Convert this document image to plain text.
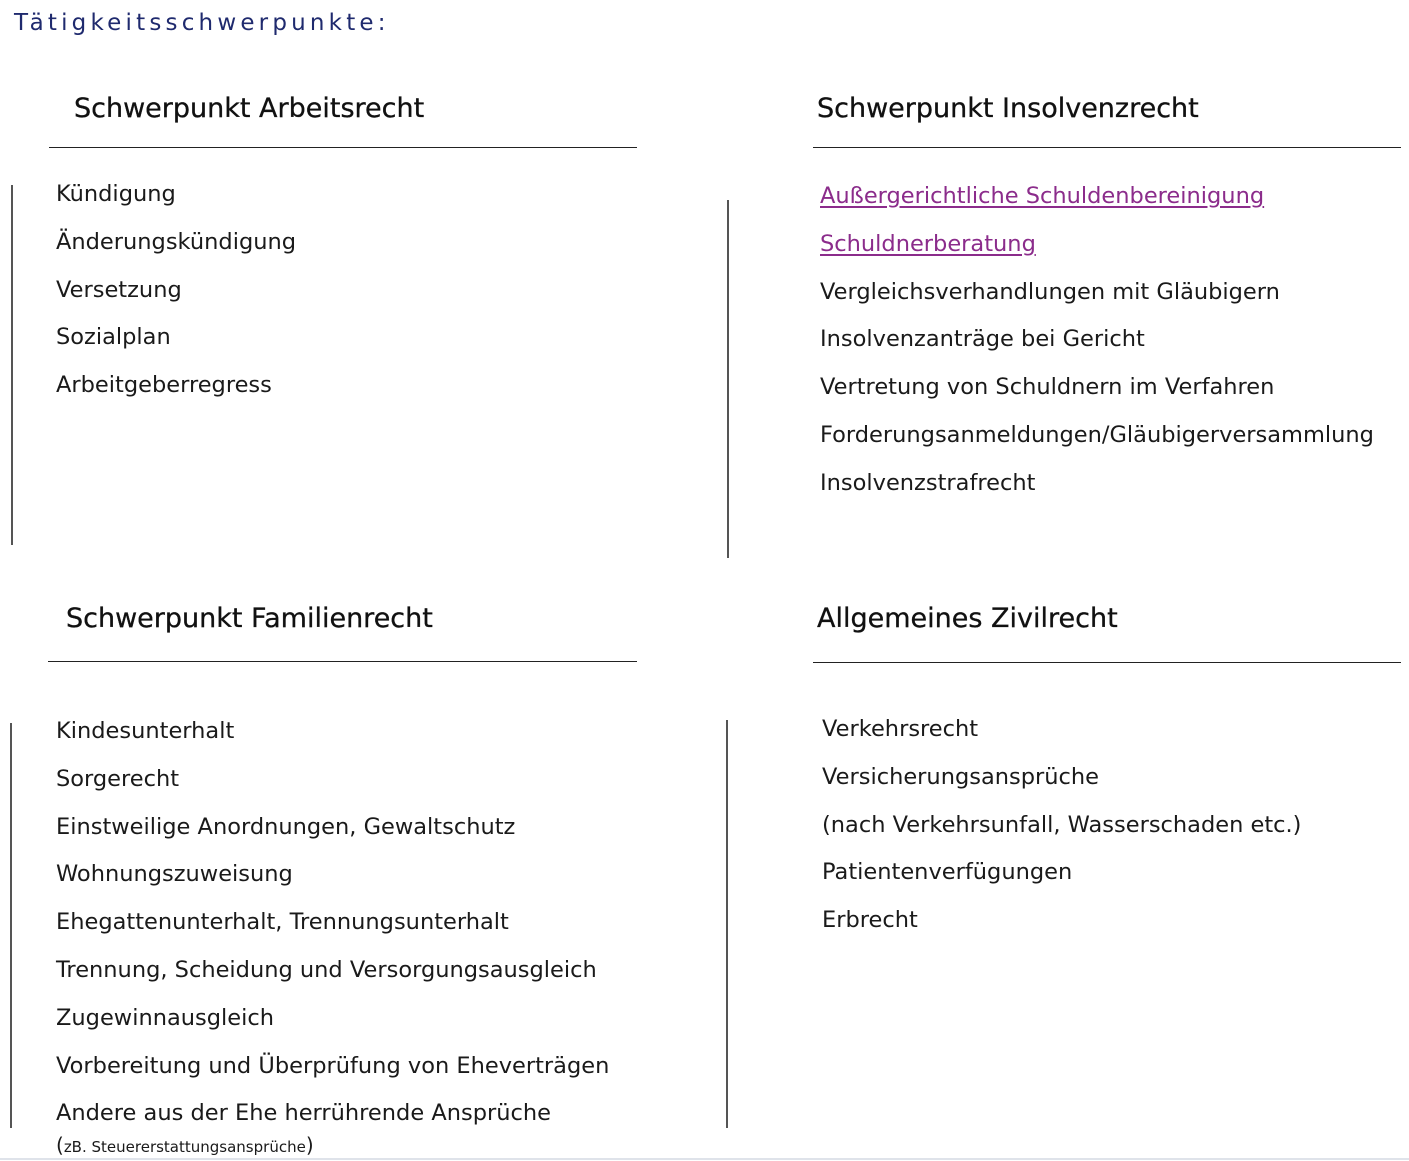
Tätigkeitsschwerpunkte:
Schwerpunkt Arbeitsrecht
Kündigung
Änderungskündigung
Versetzung
Sozialplan
Arbeitgeberregress
Schwerpunkt Insolvenzrecht
Außergerichtliche Schuldenbereinigung
Schuldnerberatung
Vergleichsverhandlungen mit Gläubigern
Insolvenzanträge bei Gericht
Vertretung von Schuldnern im Verfahren
Forderungsanmeldungen/Gläubigerversammlung
Insolvenzstrafrecht
Schwerpunkt Familienrecht
Kindesunterhalt
Sorgerecht
Einstweilige Anordnungen, Gewaltschutz
Wohnungszuweisung
Ehegattenunterhalt, Trennungsunterhalt
Trennung, Scheidung und Versorgungsausgleich
Zugewinnausgleich
Vorbereitung und Überprüfung von Eheverträgen
Andere aus der Ehe herrührende Ansprüche
(zB. Steuererstattungsansprüche)
Allgemeines Zivilrecht
Verkehrsrecht
Versicherungsansprüche
(nach Verkehrsunfall, Wasserschaden etc.)
Patientenverfügungen
Erbrecht
